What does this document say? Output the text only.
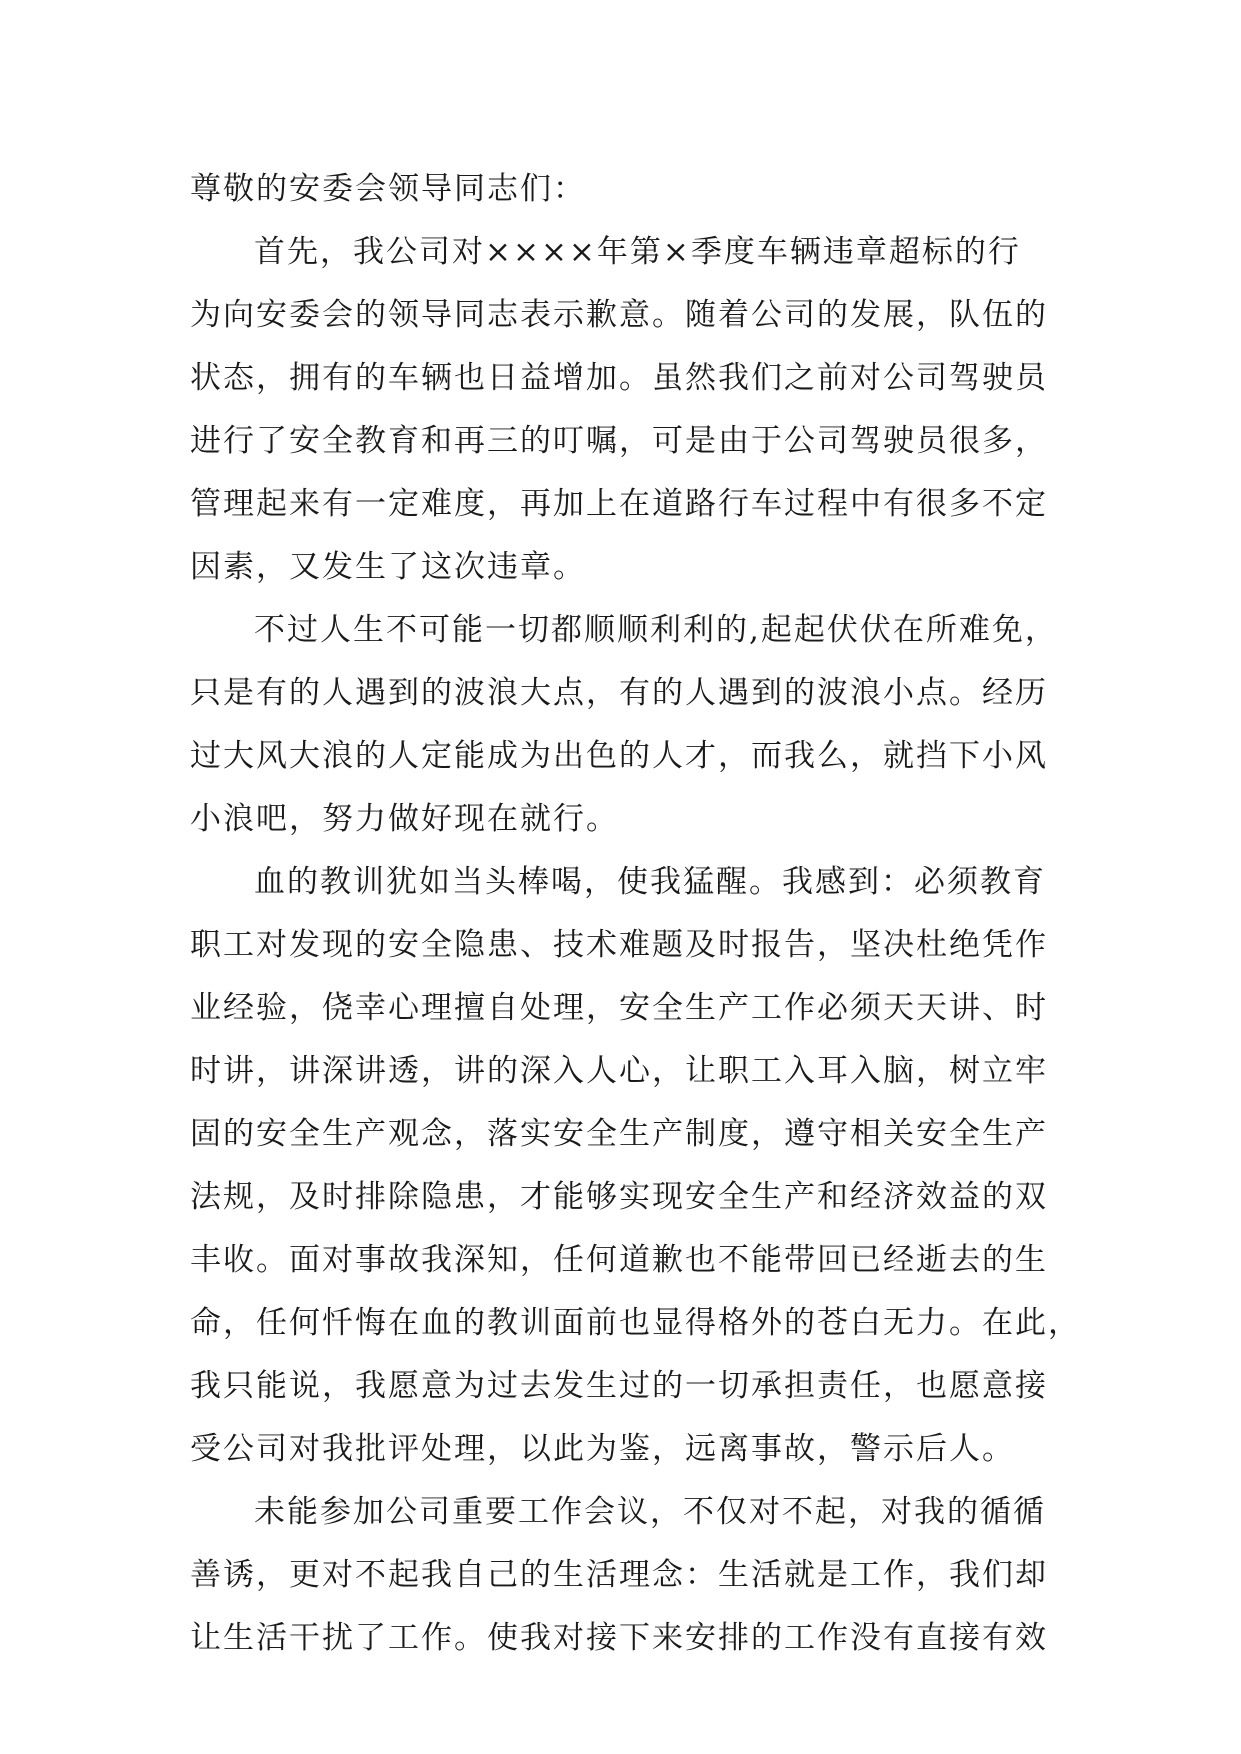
尊敬的安委会领导同志们：
首先，我公司对××××年第×季度车辆违章超标的行
为向安委会的领导同志表示歉意。随着公司的发展，队伍的
状态，拥有的车辆也日益增加。虽然我们之前对公司驾驶员
进行了安全教育和再三的叮嘱，可是由于公司驾驶员很多，
管理起来有一定难度，再加上在道路行车过程中有很多不定
因素，又发生了这次违章。
不过人生不可能一切都顺顺利利的,起起伏伏在所难免，
只是有的人遇到的波浪大点，有的人遇到的波浪小点。经历
过大风大浪的人定能成为出色的人才，而我么，就挡下小风
小浪吧，努力做好现在就行。
血的教训犹如当头棒喝，使我猛醒。我感到：必须教育
职工对发现的安全隐患、技术难题及时报告，坚决杜绝凭作
业经验，侥幸心理擅自处理，安全生产工作必须天天讲、时
时讲，讲深讲透，讲的深入人心，让职工入耳入脑，树立牢
固的安全生产观念，落实安全生产制度，遵守相关安全生产
法规，及时排除隐患，才能够实现安全生产和经济效益的双
丰收。面对事故我深知，任何道歉也不能带回已经逝去的生
命，任何忏悔在血的教训面前也显得格外的苍白无力。在此，
我只能说，我愿意为过去发生过的一切承担责任，也愿意接
受公司对我批评处理，以此为鉴，远离事故，警示后人。
未能参加公司重要工作会议，不仅对不起，对我的循循
善诱，更对不起我自己的生活理念：生活就是工作，我们却
让生活干扰了工作。使我对接下来安排的工作没有直接有效
